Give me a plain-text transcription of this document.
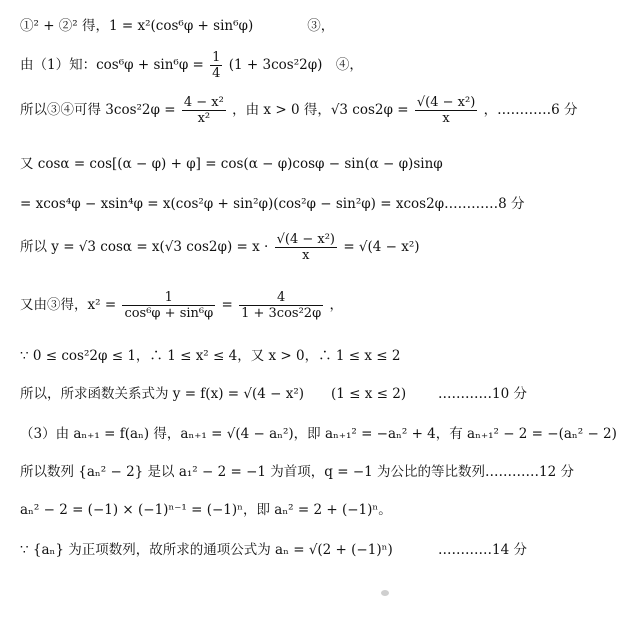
①² + ②² 得，1 = x²(cos⁶φ + sin⁶φ)　　　　③，
由（1）知：$\cos^6\varphi + \sin^6\varphi = \frac{1}{4} (1 + 3\cos^22\varphi)$　④，
所以③④可得 $3\cos^22\varphi = \frac{\text{4 − x²}}{\text{x²}}$ ，由 x > 0 得，√3 $\cos 2\varphi = \frac{\text{√(4 − x²)}}{x}$ ，…………6 分
又 cosα = cos[(α − φ) + φ] = cos(α − φ)cosφ − sin(α − φ)sinφ
= xcos⁴φ − xsin⁴φ = x(cos²φ + sin²φ)(cos²φ − sin²φ) = xcos2φ…………8 分
所以 y = √3 cosα = x(√3 $\cos 2\varphi) = x \cdot \frac{\text{√(4 − x²)}}{x} = √(4 - x^2)$
又由③得，$x^2 = \frac{1}{\text{cos⁶φ + sin⁶φ}} = \frac{4}{\text{1 + 3cos²2φ}}$ ，
∵ 0 ≤ cos²2φ ≤ 1，∴ 1 ≤ x² ≤ 4，又 x > 0，∴ 1 ≤ x ≤ 2
所以，所求函数关系式为 y = f(x) = √(4 − x²)　　(1 ≤ x ≤ 2)	…………10 分
（3）由 aₙ₊₁ = f(aₙ) 得，aₙ₊₁ = √(4 − aₙ²)，即 aₙ₊₁² = −aₙ² + 4，有 aₙ₊₁² − 2 = −(aₙ² − 2)
所以数列 {aₙ² − 2} 是以 a₁² − 2 = −1 为首项，q = −1 为公比的等比数列…………12 分
aₙ² − 2 = (−1) × (−1)ⁿ⁻¹ = (−1)ⁿ，即 aₙ² = 2 + (−1)ⁿ。
∵ {aₙ} 为正项数列，故所求的通项公式为 aₙ = √(2 + (−1)ⁿ)	…………14 分
